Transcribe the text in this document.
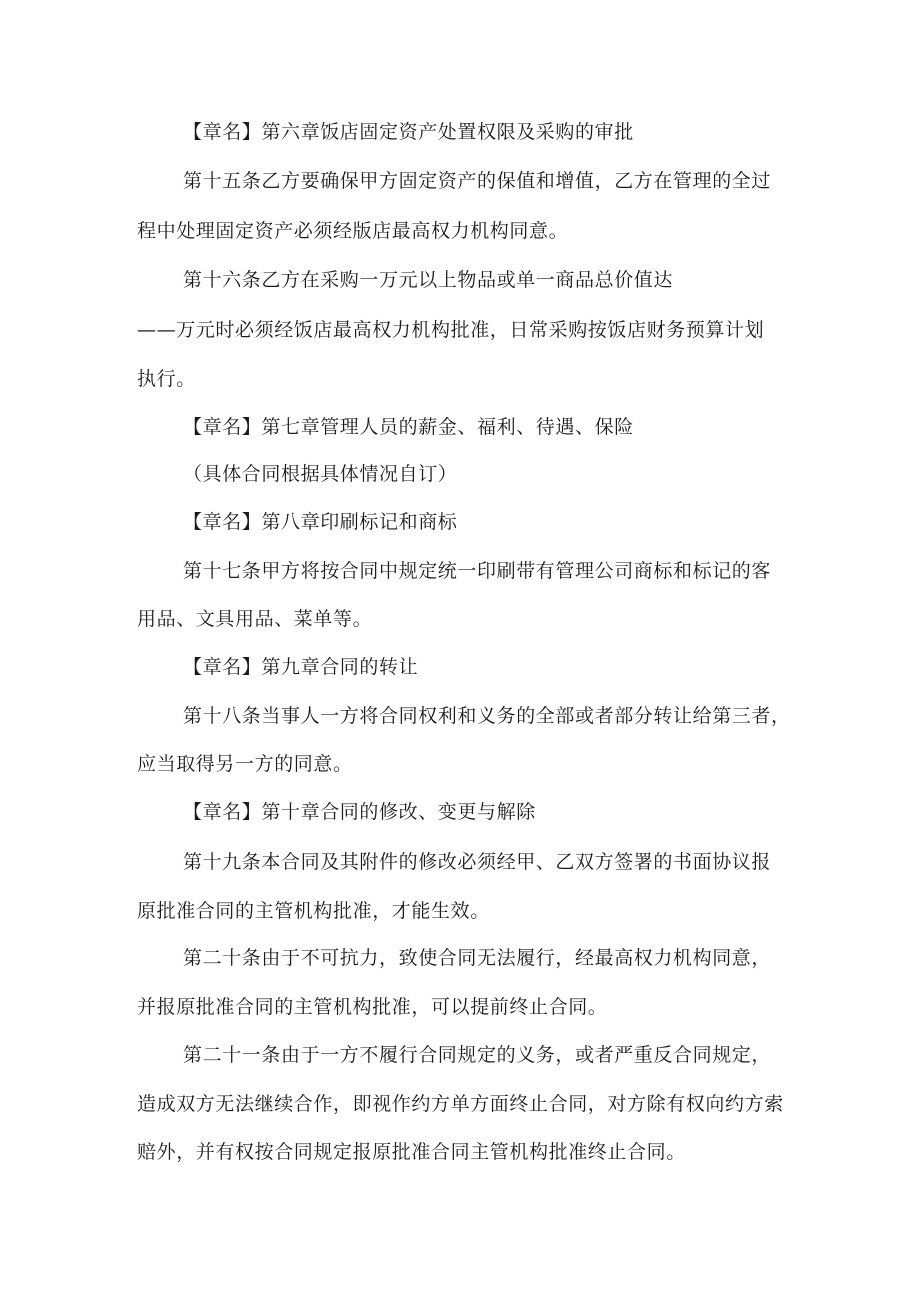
【章名】第六章饭店固定资产处置权限及采购的审批
第十五条乙方要确保甲方固定资产的保值和增值，乙方在管理的全过
程中处理固定资产必须经版店最高权力机构同意。
第十六条乙方在采购一万元以上物品或单一商品总价值达
——万元时必须经饭店最高权力机构批准，日常采购按饭店财务预算计划
执行。
【章名】第七章管理人员的薪金、福利、待遇、保险
（具体合同根据具体情况自订）
【章名】第八章印刷标记和商标
第十七条甲方将按合同中规定统一印刷带有管理公司商标和标记的客
用品、文具用品、菜单等。
【章名】第九章合同的转让
第十八条当事人一方将合同权利和义务的全部或者部分转让给第三者，
应当取得另一方的同意。
【章名】第十章合同的修改、变更与解除
第十九条本合同及其附件的修改必须经甲、乙双方签署的书面协议报
原批准合同的主管机构批准，才能生效。
第二十条由于不可抗力，致使合同无法履行，经最高权力机构同意，
并报原批准合同的主管机构批准，可以提前终止合同。
第二十一条由于一方不履行合同规定的义务，或者严重反合同规定，
造成双方无法继续合作，即视作约方单方面终止合同，对方除有权向约方索
赔外，并有权按合同规定报原批准合同主管机构批准终止合同。
